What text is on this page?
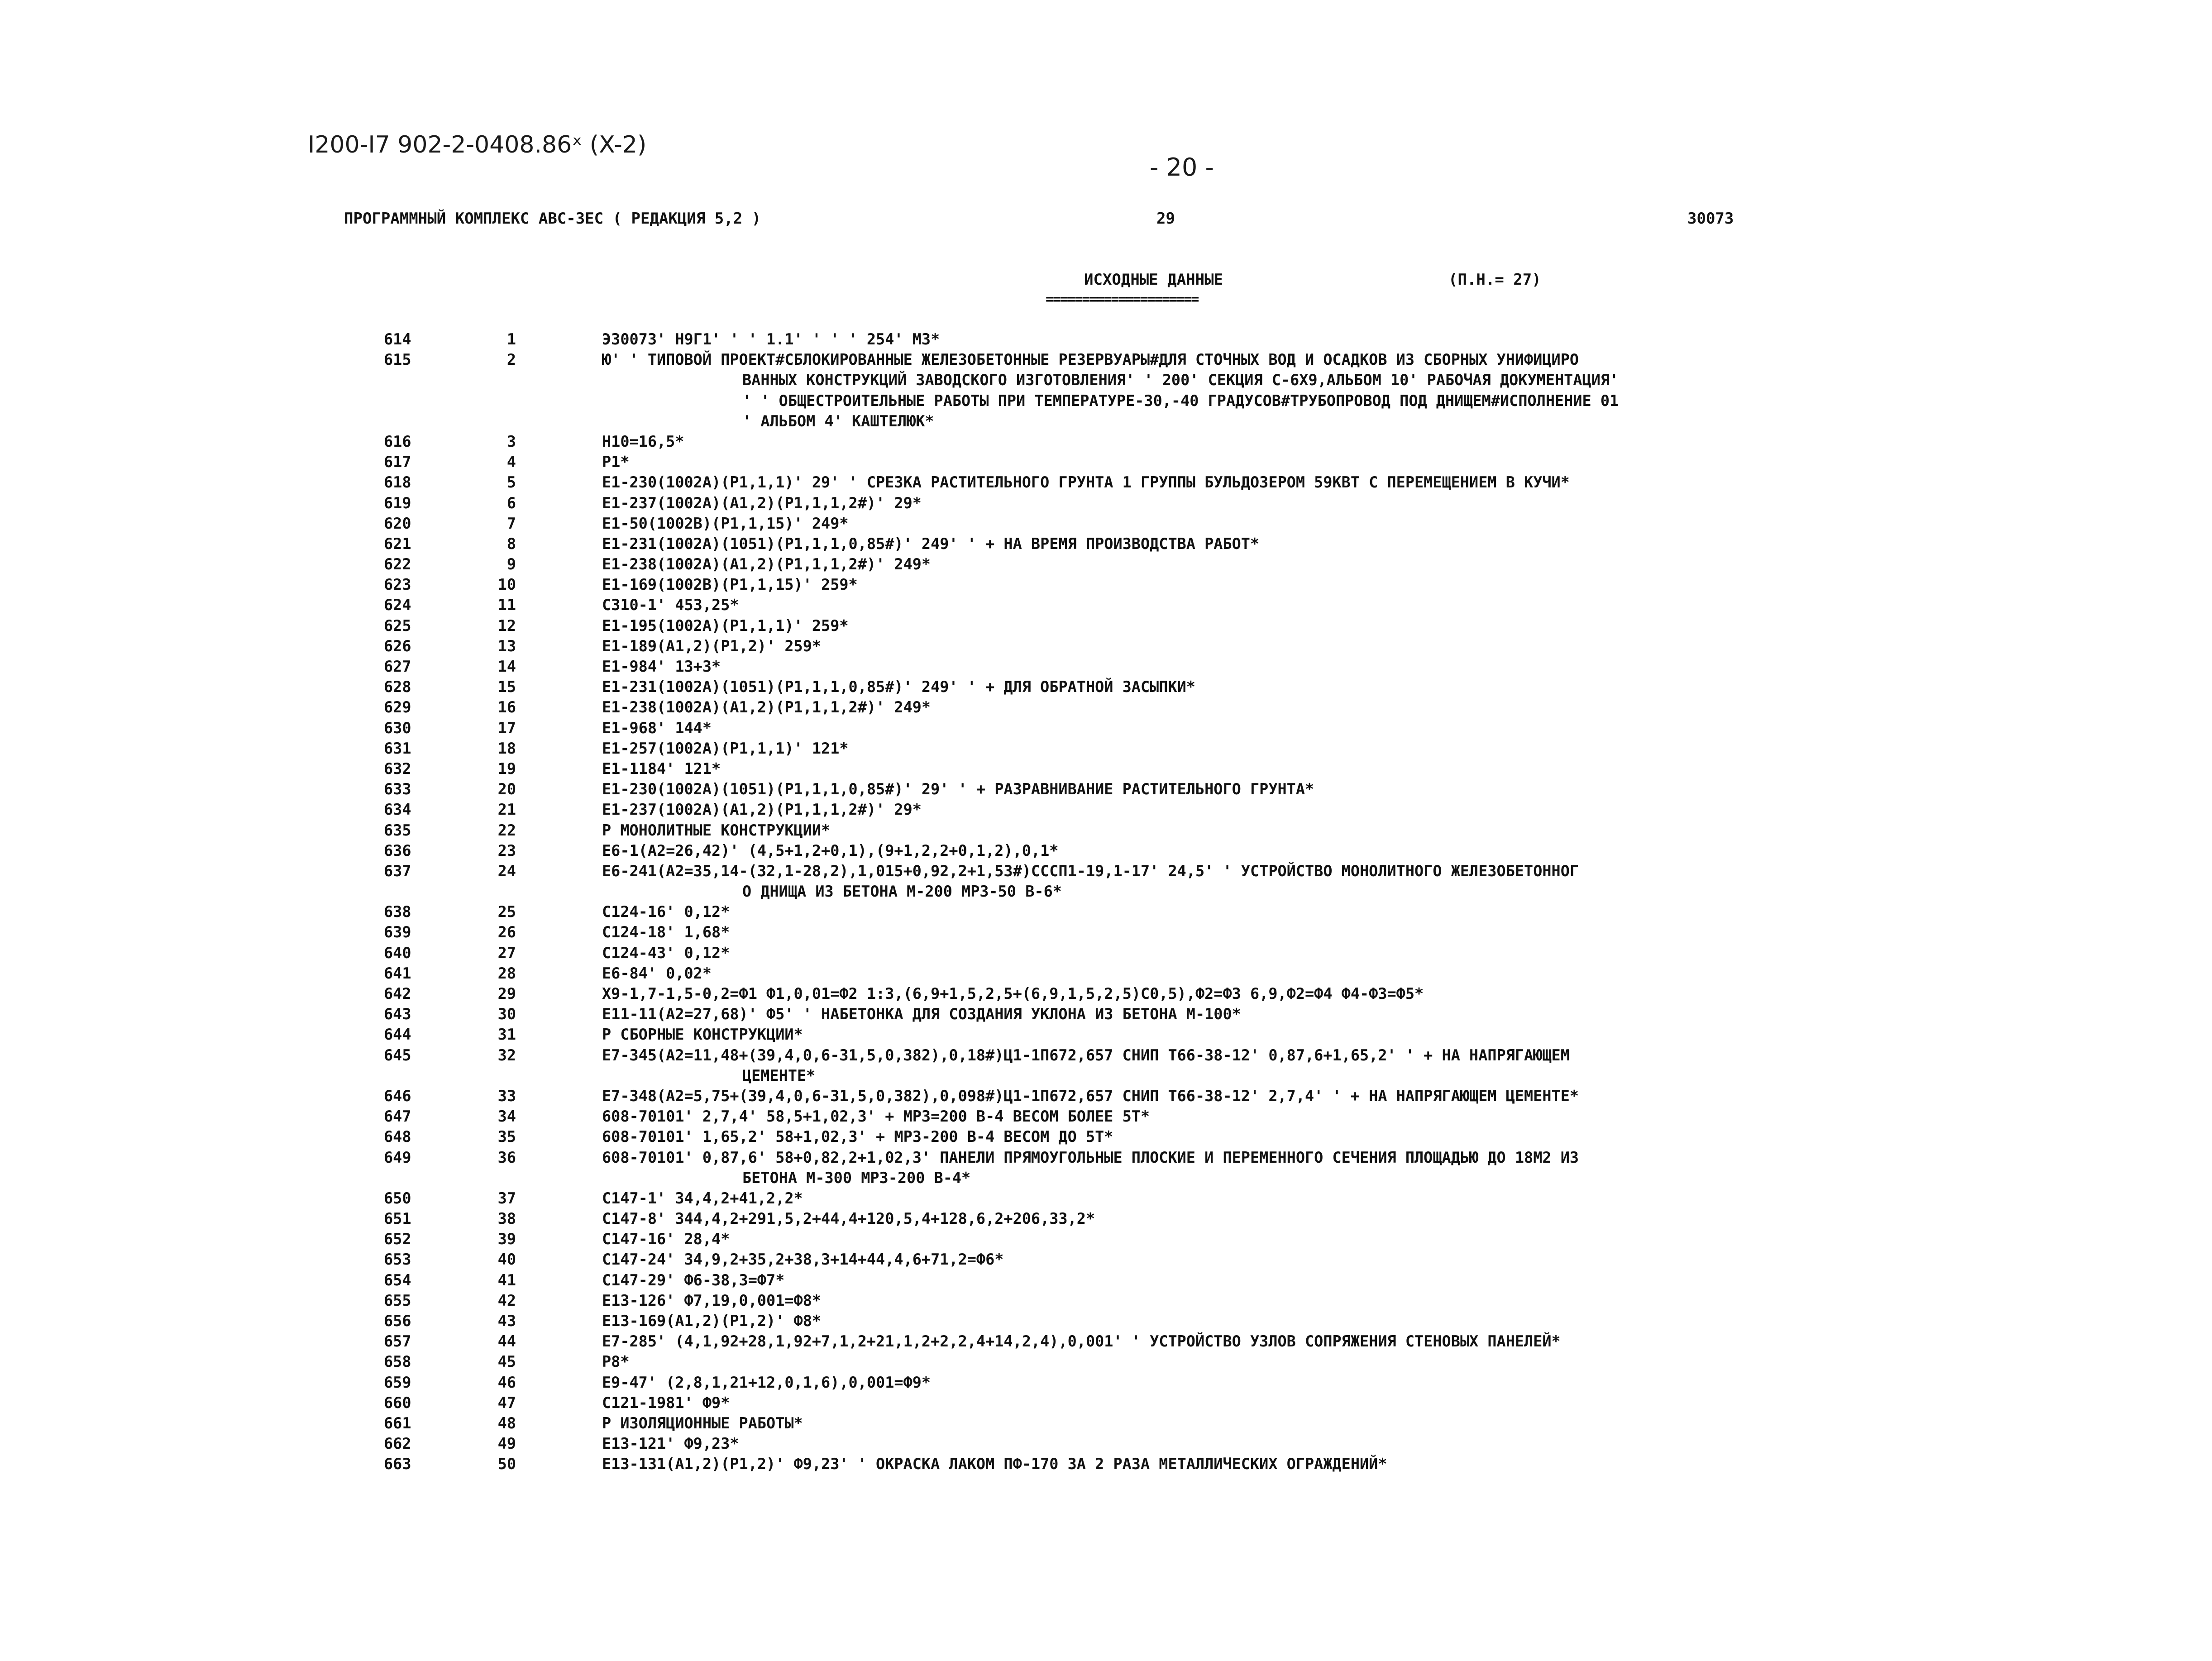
I200-I7 902-2-0408.86ˣ (X-2)
- 20 -
ПРОГРАММНЫЙ КОМПЛЕКС АВС-3ЕС ( РЕДАКЦИЯ 5,2 )	29	30073
ИСХОДНЫЕ ДАННЫЕ
=====================
(П.Н.= 27)
614	1	Э30073' Н9Г1' ' ' 1.1' ' ' ' 254' М3*
615	2	Ю' ' ТИПОВОЙ ПРОЕКТ#СБЛОКИРОВАННЫЕ ЖЕЛЕЗОБЕТОННЫЕ РЕЗЕРВУАРЫ#ДЛЯ СТОЧНЫХ ВОД И ОСАДКОВ ИЗ СБОРНЫХ УНИФИЦИРО
ВАННЫХ КОНСТРУКЦИЙ ЗАВОДСКОГО ИЗГОТОВЛЕНИЯ' ' 200' СЕКЦИЯ С-6Х9,АЛЬБОМ 10' РАБОЧАЯ ДОКУМЕНТАЦИЯ'
' ' ОБЩЕСТРОИТЕЛЬНЫЕ РАБОТЫ ПРИ ТЕМПЕРАТУРЕ-30,-40 ГРАДУСОВ#ТРУБОПРОВОД ПОД ДНИЩЕМ#ИСПОЛНЕНИЕ 01
' АЛЬБОМ 4' КАШТЕЛЮК*
616	3	Н10=16,5*
617	4	Р1*
618	5	Е1-230(1002А)(Р1,1,1)' 29' ' СРЕЗКА РАСТИТЕЛЬНОГО ГРУНТА 1 ГРУППЫ БУЛЬДОЗЕРОМ 59КВТ С ПЕРЕМЕЩЕНИЕМ В КУЧИ*
619	6	Е1-237(1002А)(А1,2)(Р1,1,1,2#)' 29*
620	7	Е1-50(1002В)(Р1,1,15)' 249*
621	8	Е1-231(1002А)(1051)(Р1,1,1,0,85#)' 249' ' + НА ВРЕМЯ ПРОИЗВОДСТВА РАБОТ*
622	9	Е1-238(1002А)(А1,2)(Р1,1,1,2#)' 249*
623	10	Е1-169(1002В)(Р1,1,15)' 259*
624	11	С310-1' 453,25*
625	12	Е1-195(1002А)(Р1,1,1)' 259*
626	13	Е1-189(А1,2)(Р1,2)' 259*
627	14	Е1-984' 13+3*
628	15	Е1-231(1002А)(1051)(Р1,1,1,0,85#)' 249' ' + ДЛЯ ОБРАТНОЙ ЗАСЫПКИ*
629	16	Е1-238(1002А)(А1,2)(Р1,1,1,2#)' 249*
630	17	Е1-968' 144*
631	18	Е1-257(1002А)(Р1,1,1)' 121*
632	19	Е1-1184' 121*
633	20	Е1-230(1002А)(1051)(Р1,1,1,0,85#)' 29' ' + РАЗРАВНИВАНИЕ РАСТИТЕЛЬНОГО ГРУНТА*
634	21	Е1-237(1002А)(А1,2)(Р1,1,1,2#)' 29*
635	22	Р МОНОЛИТНЫЕ КОНСТРУКЦИИ*
636	23	Е6-1(А2=26,42)' (4,5+1,2+0,1),(9+1,2,2+0,1,2),0,1*
637	24	Е6-241(А2=35,14-(32,1-28,2),1,015+0,92,2+1,53#)СССП1-19,1-17' 24,5' ' УСТРОЙСТВО МОНОЛИТНОГО ЖЕЛЕЗОБЕТОННОГ
О ДНИЩА ИЗ БЕТОНА М-200 МРЗ-50 В-6*
638	25	С124-16' 0,12*
639	26	С124-18' 1,68*
640	27	С124-43' 0,12*
641	28	Е6-84' 0,02*
642	29	Х9-1,7-1,5-0,2=Ф1 Ф1,0,01=Ф2 1:3,(6,9+1,5,2,5+(6,9,1,5,2,5)С0,5),Ф2=Ф3 6,9,Ф2=Ф4 Ф4-Ф3=Ф5*
643	30	Е11-11(А2=27,68)' Ф5' ' НАБЕТОНКА ДЛЯ СОЗДАНИЯ УКЛОНА ИЗ БЕТОНА М-100*
644	31	Р СБОРНЫЕ КОНСТРУКЦИИ*
645	32	Е7-345(А2=11,48+(39,4,0,6-31,5,0,382),0,18#)Ц1-1П672,657 СНИП Т66-38-12' 0,87,6+1,65,2' ' + НА НАПРЯГАЮЩЕМ
ЦЕМЕНТЕ*
646	33	Е7-348(А2=5,75+(39,4,0,6-31,5,0,382),0,098#)Ц1-1П672,657 СНИП Т66-38-12' 2,7,4' ' + НА НАПРЯГАЮЩЕМ ЦЕМЕНТЕ*
647	34	608-70101' 2,7,4' 58,5+1,02,3' + МРЗ=200 В-4 ВЕСОМ БОЛЕЕ 5Т*
648	35	608-70101' 1,65,2' 58+1,02,3' + МРЗ-200 В-4 ВЕСОМ ДО 5Т*
649	36	608-70101' 0,87,6' 58+0,82,2+1,02,3' ПАНЕЛИ ПРЯМОУГОЛЬНЫЕ ПЛОСКИЕ И ПЕРЕМЕННОГО СЕЧЕНИЯ ПЛОЩАДЬЮ ДО 18М2 ИЗ
БЕТОНА М-300 МРЗ-200 В-4*
650	37	С147-1' 34,4,2+41,2,2*
651	38	С147-8' 344,4,2+291,5,2+44,4+120,5,4+128,6,2+206,33,2*
652	39	С147-16' 28,4*
653	40	С147-24' 34,9,2+35,2+38,3+14+44,4,6+71,2=Ф6*
654	41	С147-29' Ф6-38,3=Ф7*
655	42	Е13-126' Ф7,19,0,001=Ф8*
656	43	Е13-169(А1,2)(Р1,2)' Ф8*
657	44	Е7-285' (4,1,92+28,1,92+7,1,2+21,1,2+2,2,4+14,2,4),0,001' ' УСТРОЙСТВО УЗЛОВ СОПРЯЖЕНИЯ СТЕНОВЫХ ПАНЕЛЕЙ*
658	45	Р8*
659	46	Е9-47' (2,8,1,21+12,0,1,6),0,001=Ф9*
660	47	С121-1981' Ф9*
661	48	Р ИЗОЛЯЦИОННЫЕ РАБОТЫ*
662	49	Е13-121' Ф9,23*
663	50	Е13-131(А1,2)(Р1,2)' Ф9,23' ' ОКРАСКА ЛАКОМ ПФ-170 ЗА 2 РАЗА МЕТАЛЛИЧЕСКИХ ОГРАЖДЕНИЙ*
